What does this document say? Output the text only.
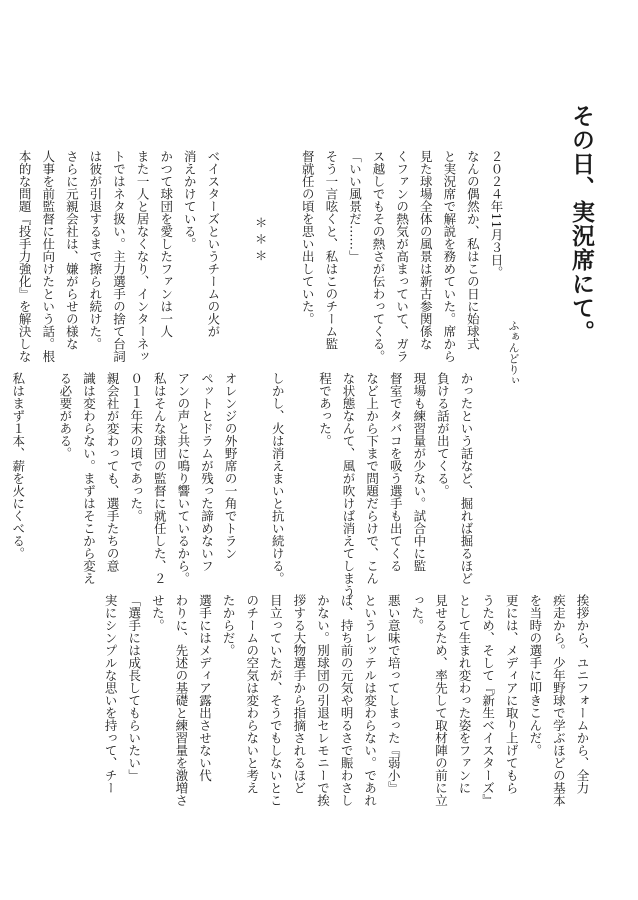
その日、実況席にて。
ふぁんどりぃ

２０２４年11月３日。

なんの偶然か、私はこの日に始球式

と実況席で解説を務めていた。席から

見た球場全体の風景は新古参関係な

くファンの熱気が高まっていて、ガラ

ス越しでもその熱さが伝わってくる。

「いい風景だ……」

そう一言呟くと、私はこのチーム監

督就任の頃を思い出していた。

＊＊＊

ベイスターズというチームの火が

消えかけている。

かつて球団を愛したファンは一人

また一人と居なくなり、インターネッ

トではネタ扱い。主力選手の捨て台詞

は彼が引退するまで擦られ続けた。

さらに元親会社は、嫌がらせの様な

人事を前監督に仕向けたという話。根

本的な問題『投手力強化』を解決しな

かったという話など、掘れば掘るほど

負ける話が出てくる。

現場も練習量が少ない。試合中に監

督室でタバコを吸う選手も出てくる

など上から下まで問題だらけで、こん

な状態なんて、風が吹けば消えてしまう

程であった。

しかし、火は消えまいと抗い続ける。

オレンジの外野席の一角でトラン

ペットとドラムが残った諦めないフ

アンの声と共に鳴り響いているから。

私はそんな球団の監督に就任した、２

０１１年末の頃であった。

親会社が変わっても、選手たちの意

識は変わらない。まずはそこから変え

る必要がある。

私はまず１本、薪を火にくべる。

挨拶から、ユニフォームから、全力

疾走から。少年野球で学ぶほどの基本

を当時の選手に叩きこんだ。

更には、メディアに取り上げてもら

うため、そして『新生ベイスターズ』

として生まれ変わった姿をファンに

見せるため、率先して取材陣の前に立

った。

悪い意味で培ってしまった『弱小』

というレッテルは変わらない。であれ

ば、持ち前の元気や明るさで賑わさし

かない。別球団の引退セレモニーで挨

拶する大物選手から指摘されるほど

目立っていたが、そうでもしないとこ

のチームの空気は変わらないと考え

たからだ。

選手にはメディア露出させない代

わりに、先述の基礎と練習量を激増さ

せた。

「選手には成長してもらいたい」

実にシンプルな思いを持って、チー
